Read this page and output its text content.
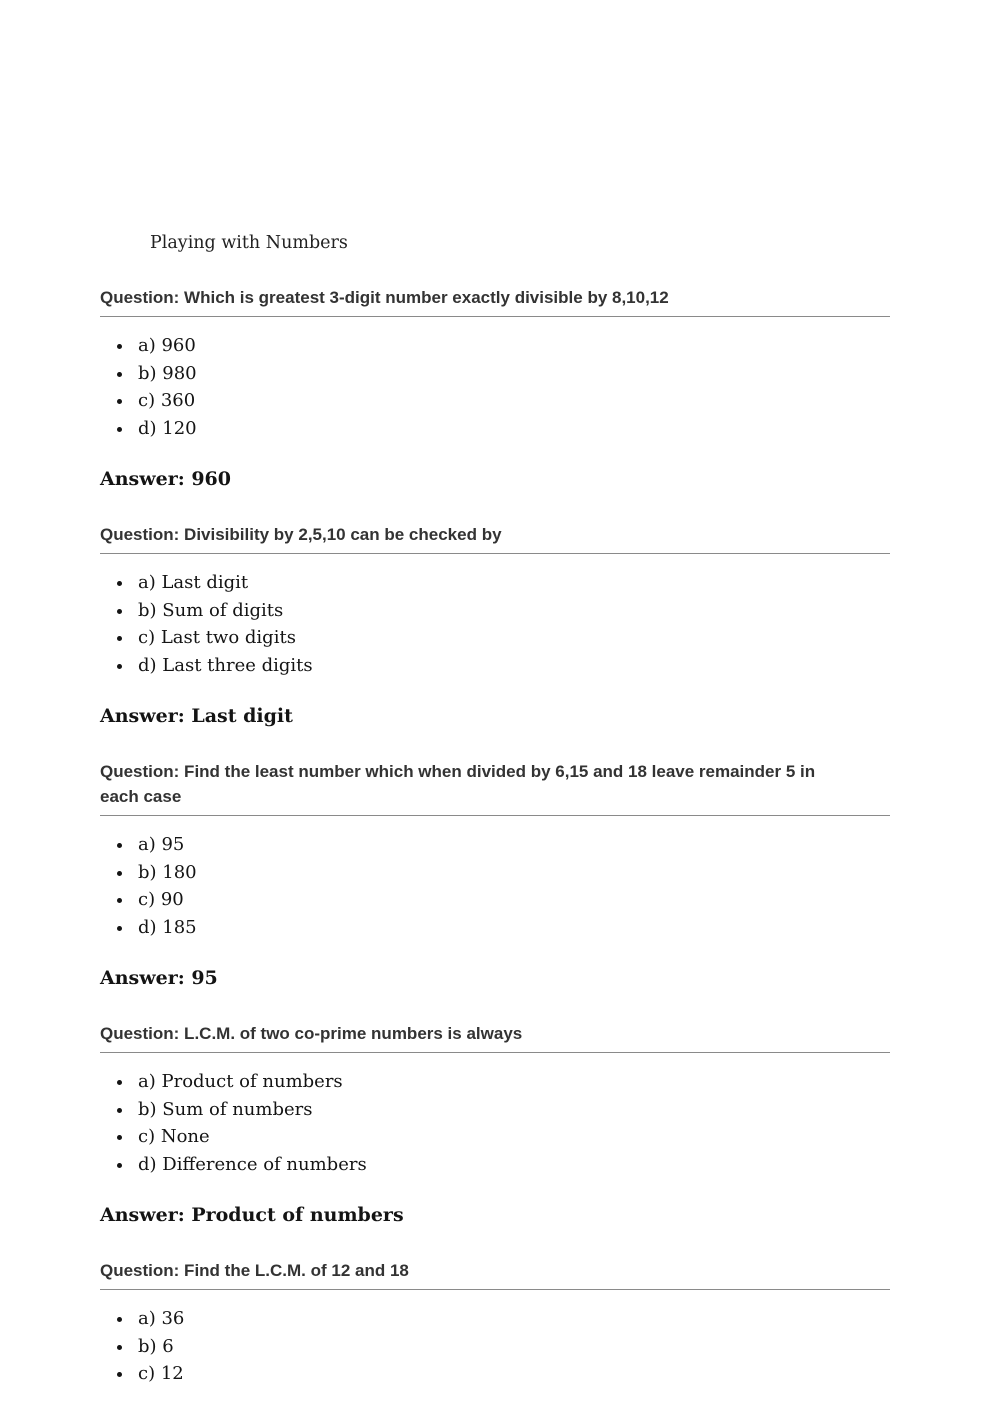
Playing with Numbers
Question: Which is greatest 3-digit number exactly divisible by 8,10,12
• a) 960
• b) 980
• c) 360
• d) 120
Answer: 960
Question: Divisibility by 2,5,10 can be checked by
• a) Last digit
• b) Sum of digits
• c) Last two digits
• d) Last three digits
Answer: Last digit
Question: Find the least number which when divided by 6,15 and 18 leave remainder 5 in each case
• a) 95
• b) 180
• c) 90
• d) 185
Answer: 95
Question: L.C.M. of two co-prime numbers is always
• a) Product of numbers
• b) Sum of numbers
• c) None
• d) Difference of numbers
Answer: Product of numbers
Question: Find the L.C.M. of 12 and 18
• a) 36
• b) 6
• c) 12
